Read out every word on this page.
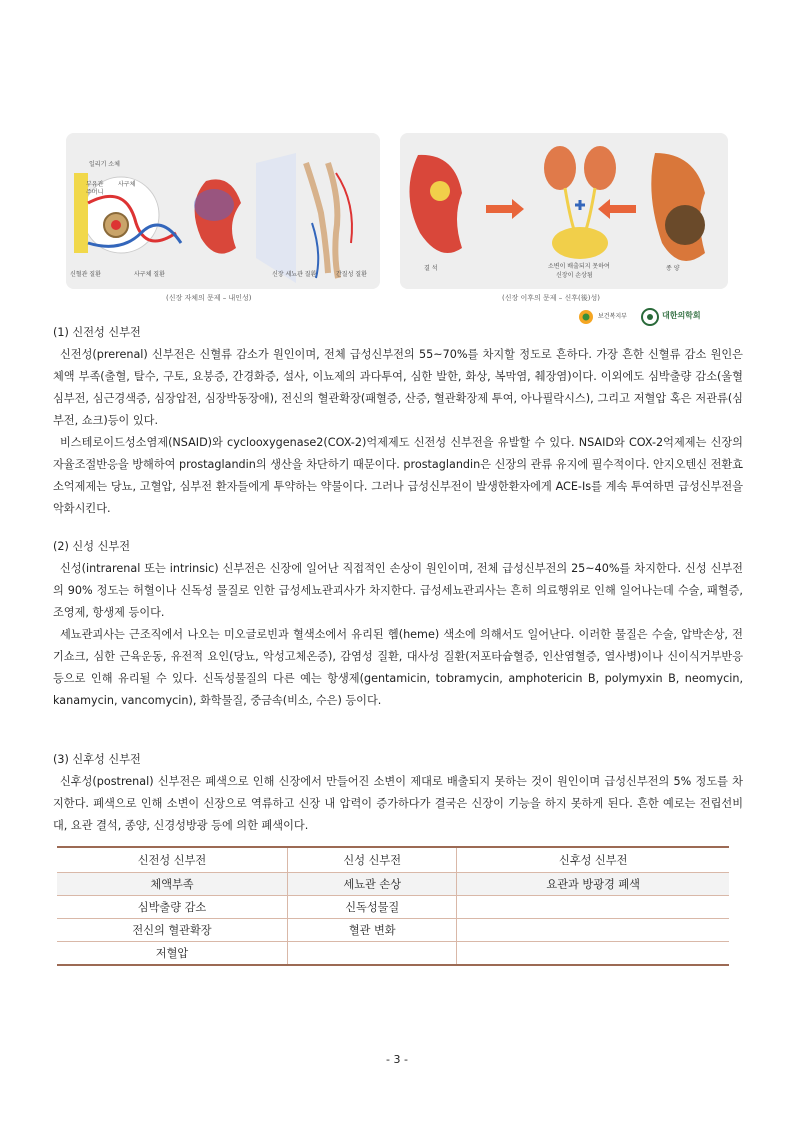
일리기 소체
부유관
주머니
사구체
신혈관 질환	사구체 질환	신장 세뇨관 질환	간질성 질환
결 석	소변이 배출되지 못하여
신장이 손상됨
종 양
(신장 자체의 문제 – 내인성)	(신장 이후의 문제 – 신후(後)성)
보건복지부	대한의학회

(1) 신전성 신부전

신전성(prerenal) 신부전은 신혈류 감소가 원인이며, 전체 급성신부전의 55~70%를 차지할 정도로 흔하다. 가장 흔한 신혈류 감소 원인은 체액 부족(출혈, 탈수, 구토, 요붕증, 간경화증, 설사, 이뇨제의 과다투여, 심한 발한, 화상, 복막염, 췌장염)이다. 이외에도 심박출량 감소(울혈심부전, 심근경색증, 심장압전, 심장박동장애), 전신의 혈관확장(패혈증, 산증, 혈관확장제 투여, 아나필락시스), 그리고 저혈압 혹은 저관류(심부전, 쇼크)등이 있다.

비스테로이드성소염제(NSAID)와 cyclooxygenase2(COX-2)억제제도 신전성 신부전을 유발할 수 있다. NSAID와 COX-2억제제는 신장의 자율조절반응을 방해하여 prostaglandin의 생산을 차단하기 때문이다. prostaglandin은 신장의 관류 유지에 필수적이다. 안지오텐신 전환효소억제제는 당뇨, 고혈압, 심부전 환자들에게 투약하는 약물이다. 그러나 급성신부전이 발생한환자에게 ACE-Is를 계속 투여하면 급성신부전을 악화시킨다.

(2) 신성 신부전

신성(intrarenal 또는 intrinsic) 신부전은 신장에 일어난 직접적인 손상이 원인이며, 전체 급성신부전의 25~40%를 차지한다. 신성 신부전의 90% 정도는 허혈이나 신독성 물질로 인한 급성세뇨관괴사가 차지한다. 급성세뇨관괴사는 흔히 의료행위로 인해 일어나는데 수술, 패혈증, 조영제, 항생제 등이다.

세뇨관괴사는 근조직에서 나오는 미오글로빈과 혈색소에서 유리된 헴(heme) 색소에 의해서도 일어난다. 이러한 물질은 수술, 압박손상, 전기쇼크, 심한 근육운동, 유전적 요인(당뇨, 악성고체온증), 감염성 질환, 대사성 질환(저포타슘혈증, 인산염혈증, 열사병)이나 신이식거부반응 등으로 인해 유리될 수 있다. 신독성물질의 다른 예는 항생제(gentamicin, tobramycin, amphotericin B, polymyxin B, neomycin, kanamycin, vancomycin), 화학물질, 중금속(비소, 수은) 등이다.

(3) 신후성 신부전

신후성(postrenal) 신부전은 폐색으로 인해 신장에서 만들어진 소변이 제대로 배출되지 못하는 것이 원인이며 급성신부전의 5% 정도를 차지한다. 폐색으로 인해 소변이 신장으로 역류하고 신장 내 압력이 증가하다가 결국은 신장이 기능을 하지 못하게 된다. 흔한 예로는 전립선비대, 요관 결석, 종양, 신경성방광 등에 의한 폐색이다.

신전성 신부전	신성 신부전	신후성 신부전
체액부족	세뇨관 손상	요관과 방광경 폐색
심박출량 감소	신독성물질	
전신의 혈관확장	혈관 변화	
저혈압		
- 3 -
